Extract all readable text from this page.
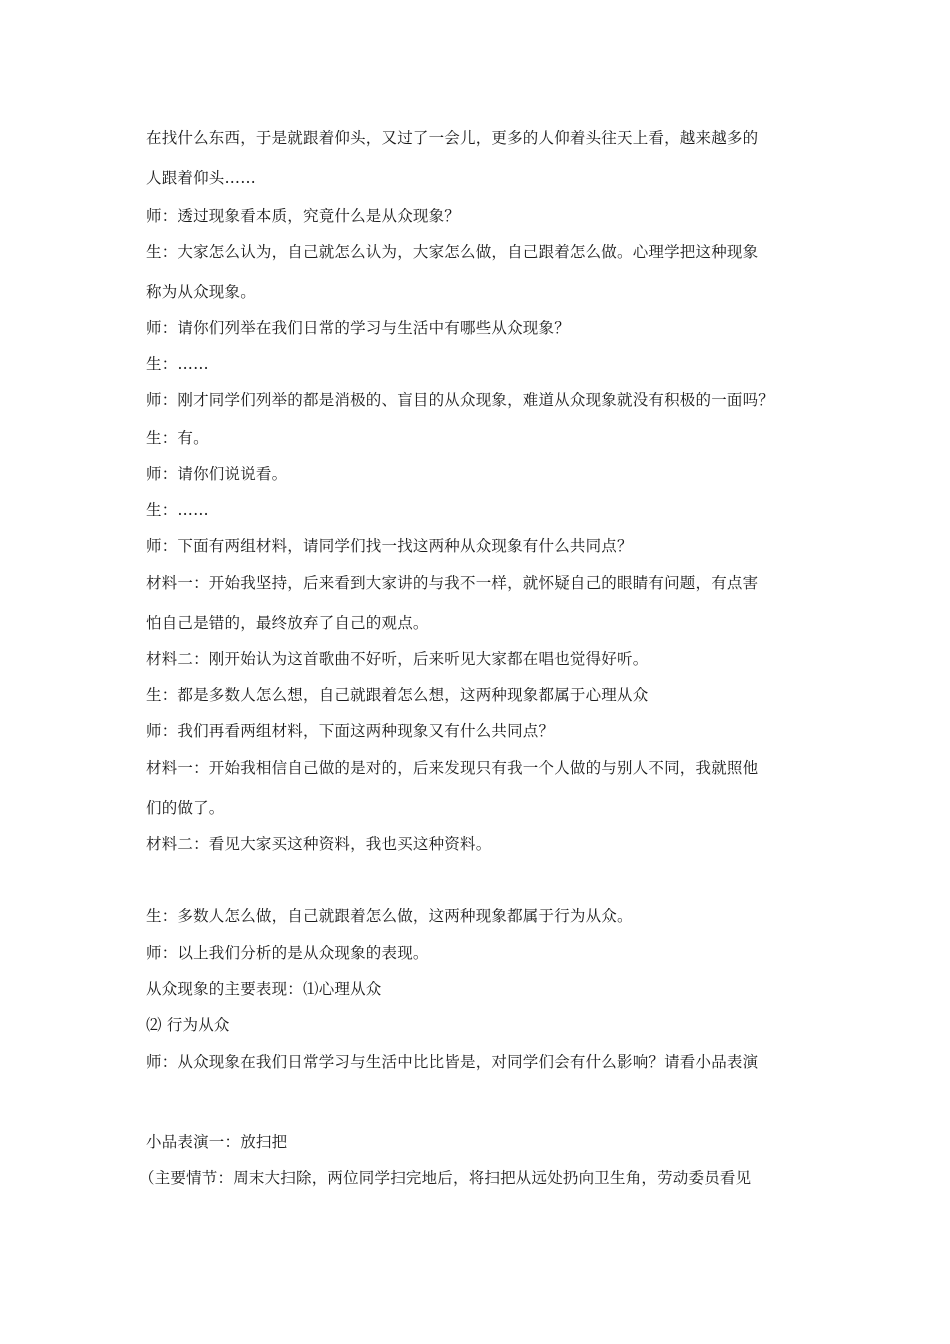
在找什么东西，于是就跟着仰头，又过了一会儿，更多的人仰着头往天上看，越来越多的
人跟着仰头……
师：透过现象看本质，究竟什么是从众现象？
生：大家怎么认为，自己就怎么认为，大家怎么做，自己跟着怎么做。心理学把这种现象
称为从众现象。
师：请你们列举在我们日常的学习与生活中有哪些从众现象？
生：……
师：刚才同学们列举的都是消极的、盲目的从众现象，难道从众现象就没有积极的一面吗？
生：有。
师：请你们说说看。
生：……
师：下面有两组材料，请同学们找一找这两种从众现象有什么共同点？
材料一：开始我坚持，后来看到大家讲的与我不一样，就怀疑自己的眼睛有问题，有点害
怕自己是错的，最终放弃了自己的观点。
材料二：刚开始认为这首歌曲不好听，后来听见大家都在唱也觉得好听。
生：都是多数人怎么想，自己就跟着怎么想，这两种现象都属于心理从众
师：我们再看两组材料，下面这两种现象又有什么共同点？
材料一：开始我相信自己做的是对的，后来发现只有我一个人做的与别人不同，我就照他
们的做了。
材料二：看见大家买这种资料，我也买这种资料。
生：多数人怎么做，自己就跟着怎么做，这两种现象都属于行为从众。
师：以上我们分析的是从众现象的表现。
从众现象的主要表现：⑴心理从众
⑵ 行为从众
师：从众现象在我们日常学习与生活中比比皆是，对同学们会有什么影响？请看小品表演
小品表演一：放扫把
（主要情节：周末大扫除，两位同学扫完地后，将扫把从远处扔向卫生角，劳动委员看见
